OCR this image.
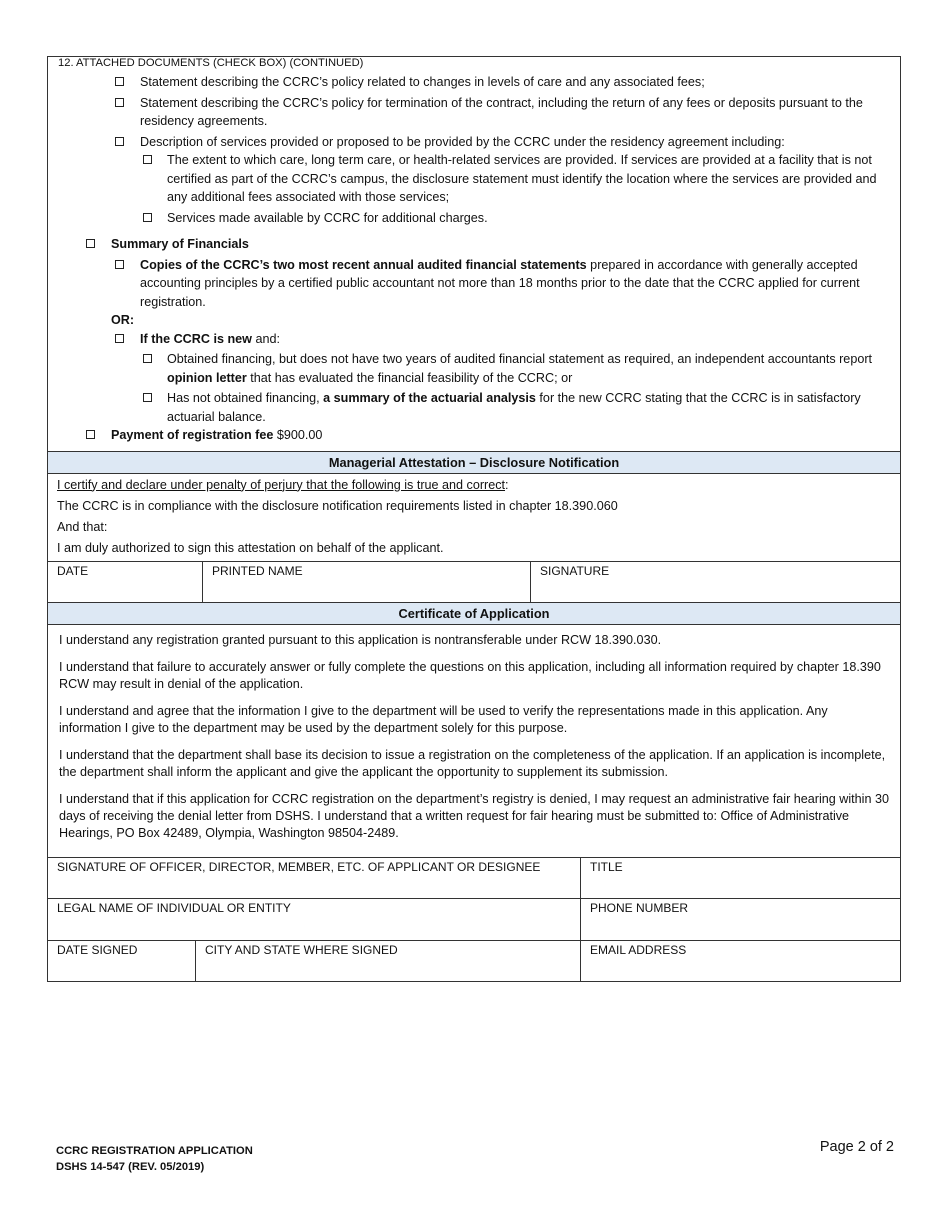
12. ATTACHED DOCUMENTS (CHECK BOX) (CONTINUED)
Statement describing the CCRC’s policy related to changes in levels of care and any associated fees;
Statement describing the CCRC’s policy for termination of the contract, including the return of any fees or deposits pursuant to the residency agreements.
Description of services provided or proposed to be provided by the CCRC under the residency agreement including:
The extent to which care, long term care, or health-related services are provided. If services are provided at a facility that is not certified as part of the CCRC’s campus, the disclosure statement must identify the location where the services are provided and any additional fees associated with those services;
Services made available by CCRC for additional charges.
Summary of Financials
Copies of the CCRC’s two most recent annual audited financial statements prepared in accordance with generally accepted accounting principles by a certified public accountant not more than 18 months prior to the date that the CCRC applied for current registration.
OR:
If the CCRC is new and:
Obtained financing, but does not have two years of audited financial statement as required, an independent accountants report opinion letter that has evaluated the financial feasibility of the CCRC; or
Has not obtained financing, a summary of the actuarial analysis for the new CCRC stating that the CCRC is in satisfactory actuarial balance.
Payment of registration fee $900.00
Managerial Attestation – Disclosure Notification
I certify and declare under penalty of perjury that the following is true and correct:
The CCRC is in compliance with the disclosure notification requirements listed in chapter 18.390.060
And that:
I am duly authorized to sign this attestation on behalf of the applicant.
DATE	PRINTED NAME	SIGNATURE
Certificate of Application

I understand any registration granted pursuant to this application is nontransferable under RCW 18.390.030.

I understand that failure to accurately answer or fully complete the questions on this application, including all information required by chapter 18.390 RCW may result in denial of the application.

I understand and agree that the information I give to the department will be used to verify the representations made in this application. Any information I give to the department may be used by the department solely for this purpose.

I understand that the department shall base its decision to issue a registration on the completeness of the application. If an application is incomplete, the department shall inform the applicant and give the applicant the opportunity to supplement its submission.

I understand that if this application for CCRC registration on the department’s registry is denied, I may request an administrative fair hearing within 30 days of receiving the denial letter from DSHS. I understand that a written request for fair hearing must be submitted to: Office of Administrative Hearings, PO Box 42489, Olympia, Washington 98504-2489.

SIGNATURE OF OFFICER, DIRECTOR, MEMBER, ETC. OF APPLICANT OR DESIGNEE	TITLE
LEGAL NAME OF INDIVIDUAL OR ENTITY	PHONE NUMBER
DATE SIGNED	CITY AND STATE WHERE SIGNED	EMAIL ADDRESS
CCRC REGISTRATION APPLICATION
DSHS 14-547 (REV. 05/2019)
Page 2 of 2
